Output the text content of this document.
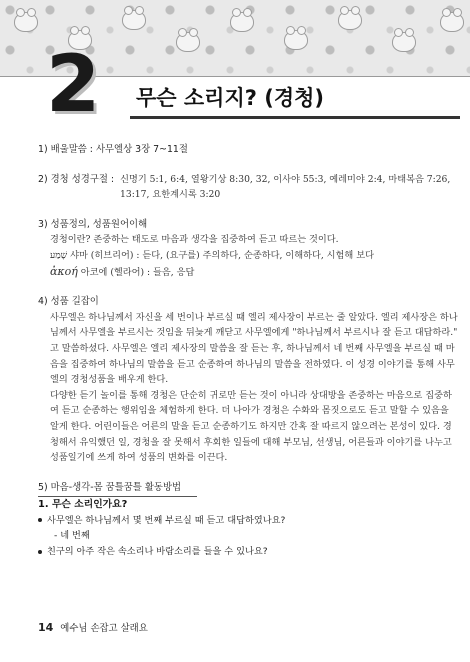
2 무슨 소리지? (경청)
1) 배울말씀 : 사무엘상 3장 7~11절
2) 경청 성경구절 : 신명기 5:1, 6:4, 열왕기상 8:30, 32, 이사야 55:3, 예레미야 2:4, 마태복음 7:26,
13:17, 요한계시록 3:20
3) 성품정의, 성품원어이해
경청이란? 존중하는 태도로 마음과 생각을 집중하여 듣고 따르는 것이다.
שָׁמַע 샤마 (히브리어) : 듣다, (요구를) 주의하다, 순종하다, 이해하다, 시험해 보다
ἀκοή 아코에 (헬라어) : 들음, 응답
4) 성품 길잡이
사무엘은 하나님께서 자신을 세 번이나 부르실 때 엘리 제사장이 부르는 줄 알았다. 엘리 제사장은 하나
님께서 사무엘을 부르시는 것임을 뒤늦게 깨닫고 사무엘에게 "하나님께서 부르시나 잘 듣고 대답하라."
고 말씀하셨다. 사무엘은 엘리 제사장의 말씀을 잘 듣는 후, 하나님께서 네 번째 사무엘을 부르실 때 마
음을 집중하여 하나님의 말씀을 듣고 순종하여 하나님의 말씀을 전하였다. 이 성경 이야기를 통해 사무
엘의 경청성품을 배우게 한다.
다양한 듣기 놀이를 통해 경청은 단순히 귀로만 듣는 것이 아니라 상대방을 존중하는 마음으로 집중하
여 듣고 순종하는 행위임을 체험하게 한다. 더 나아가 경청은 수화와 몸짓으로도 듣고 말할 수 있음을
알게 한다. 어린이들은 어른의 말을 듣고 순종하기도 하지만 간혹 잘 따르지 않으려는 본성이 있다. 경
청해서 유익했던 일, 경청을 잘 못해서 후회한 일들에 대해 부모님, 선생님, 어른들과 이야기를 나누고
성품일기에 쓰게 하여 성품의 변화를 이끈다.
5) 마음-생각-몸 꿈틀꿈틀 활동방법
1. 무슨 소리인가요?
사무엘은 하나님께서 몇 번째 부르실 때 듣고 대답하였나요?
- 네 번째
친구의 아주 작은 속소리나 바람소리를 들을 수 있나요?
14 예수님 손잡고 살래요
